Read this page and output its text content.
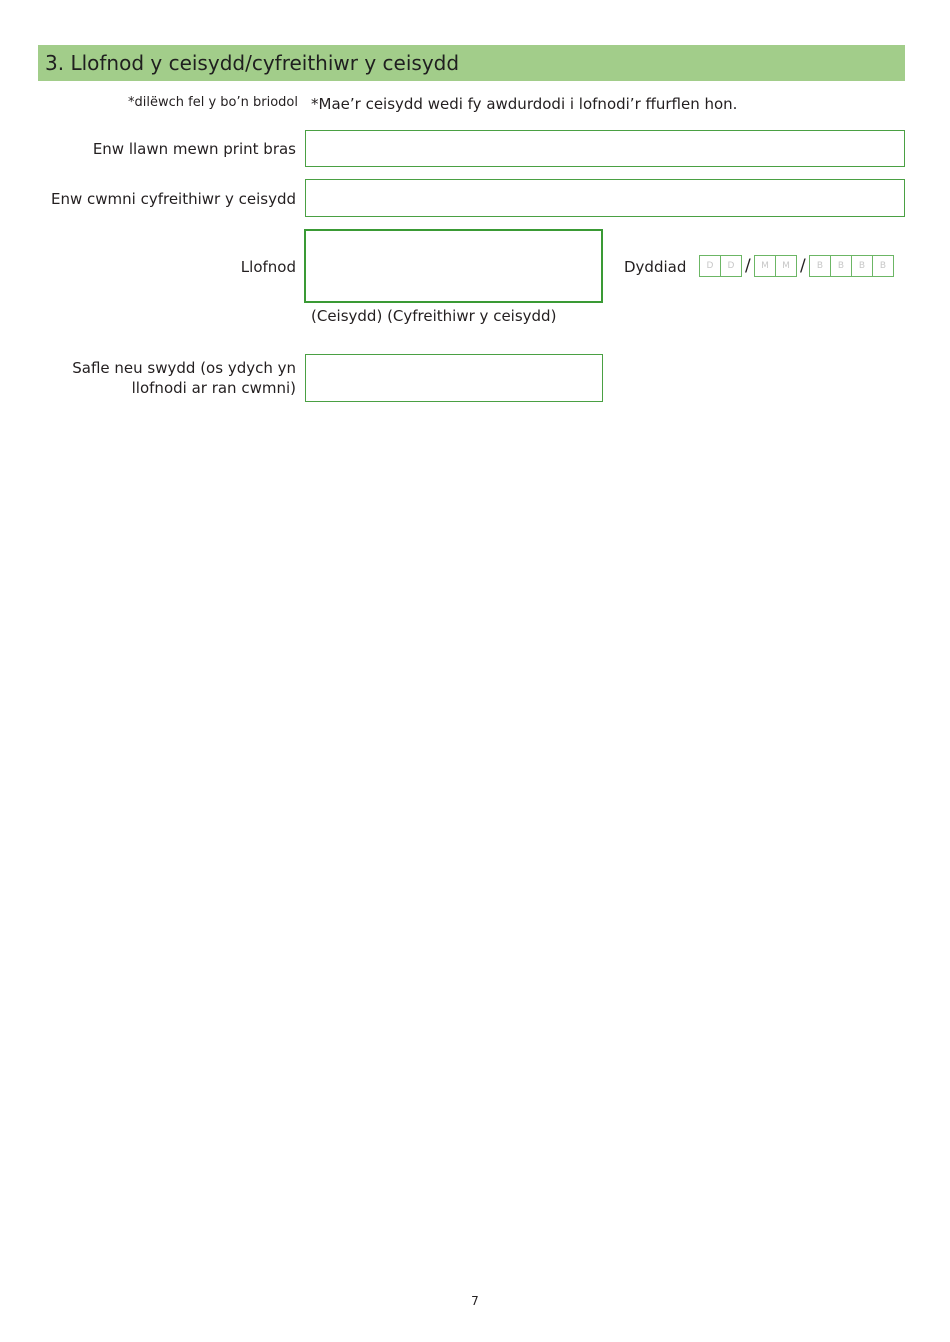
3. Llofnod y ceisydd/cyfreithiwr y ceisydd
*dilëwch fel y bo’n briodol *Mae’r ceisydd wedi fy awdurdodi i lofnodi’r ffurflen hon.
Enw llawn mewn print bras
Enw cwmni cyfreithiwr y ceisydd
Llofnod
(Ceisydd) (Cyfreithiwr y ceisydd)
Dyddiad	D	D /	M	M /	B	B	B	B
Safle neu swydd (os ydych yn
llofnodi ar ran cwmni)
7
